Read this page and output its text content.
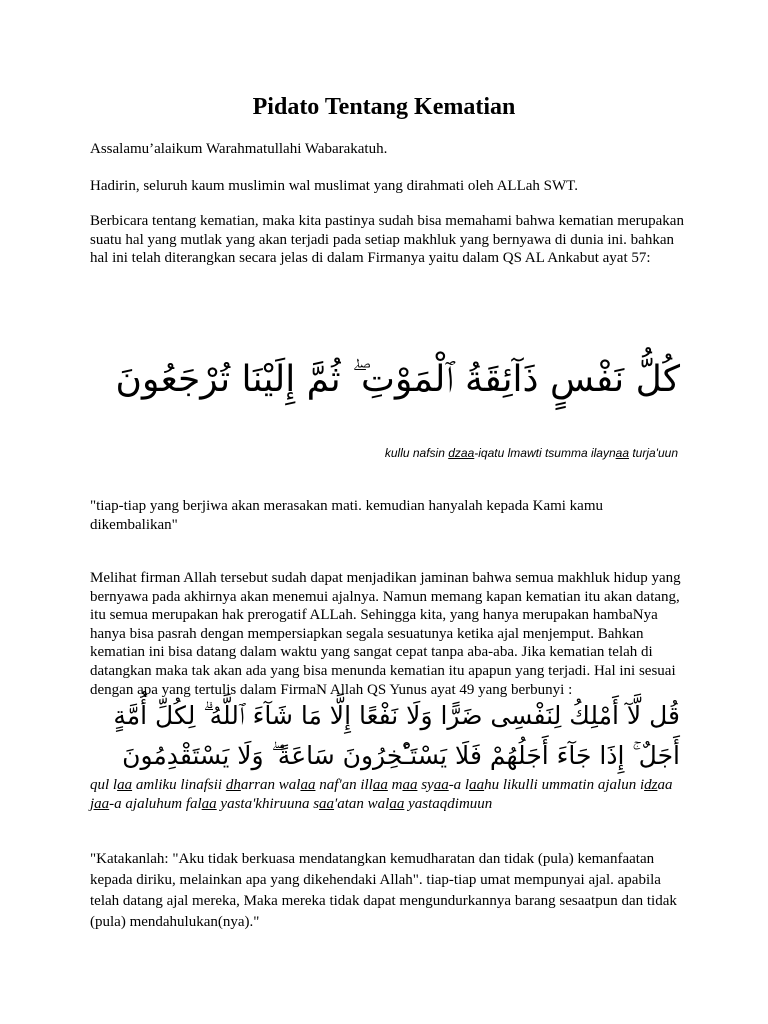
Pidato Tentang Kematian

Assalamu’alaikum Warahmatullahi Wabarakatuh.

Hadirin, seluruh kaum muslimin wal muslimat yang dirahmati oleh ALLah SWT.

Berbicara tentang kematian, maka kita pastinya sudah bisa memahami bahwa kematian merupakan suatu hal yang mutlak yang akan terjadi pada setiap makhluk yang bernyawa di dunia ini. bahkan hal ini telah diterangkan secara jelas di dalam Firmanya yaitu dalam QS AL Ankabut ayat 57:

كُلُّ نَفْسٍ ذَآئِقَةُ ٱلْمَوْتِ ۖ ثُمَّ إِلَيْنَا تُرْجَعُونَ

kullu nafsin dzaa-iqatu lmawti tsumma ilaynaa turja'uun

"tiap-tiap yang berjiwa akan merasakan mati. kemudian hanyalah kepada Kami kamu dikembalikan"

Melihat firman Allah tersebut sudah dapat menjadikan jaminan bahwa semua makhluk hidup yang bernyawa pada akhirnya akan menemui ajalnya. Namun memang kapan kematian itu akan datang, itu semua merupakan hak prerogatif ALLah. Sehingga kita, yang hanya merupakan hambaNya hanya bisa pasrah dengan mempersiapkan segala sesuatunya ketika ajal menjemput. Bahkan kematian ini bisa datang dalam waktu yang sangat cepat tanpa aba-aba. Jika kematian telah di datangkan maka tak akan ada yang bisa menunda kematian itu apapun yang terjadi. Hal ini sesuai dengan apa yang tertulis dalam FirmaN Allah QS Yunus ayat 49 yang berbunyi :

قُل لَّآ أَمْلِكُ لِنَفْسِى ضَرًّا وَلَا نَفْعًا إِلَّا مَا شَآءَ ٱللَّهُ ۗ لِكُلِّ أُمَّةٍ أَجَلٌ ۚ إِذَا جَآءَ أَجَلُهُمْ فَلَا يَسْتَـْٔخِرُونَ سَاعَةً ۖ وَلَا يَسْتَقْدِمُونَ

qul laa amliku linafsii dharran walaa naf'an illaa maa syaa-a laahu likulli ummatin ajalun idzaa jaa-a ajaluhum falaa yasta'khiruuna saa'atan walaa yastaqdimuun

"Katakanlah: "Aku tidak berkuasa mendatangkan kemudharatan dan tidak (pula) kemanfaatan kepada diriku, melainkan apa yang dikehendaki Allah". tiap-tiap umat mempunyai ajal. apabila telah datang ajal mereka, Maka mereka tidak dapat mengundurkannya barang sesaatpun dan tidak (pula) mendahulukan(nya)."
